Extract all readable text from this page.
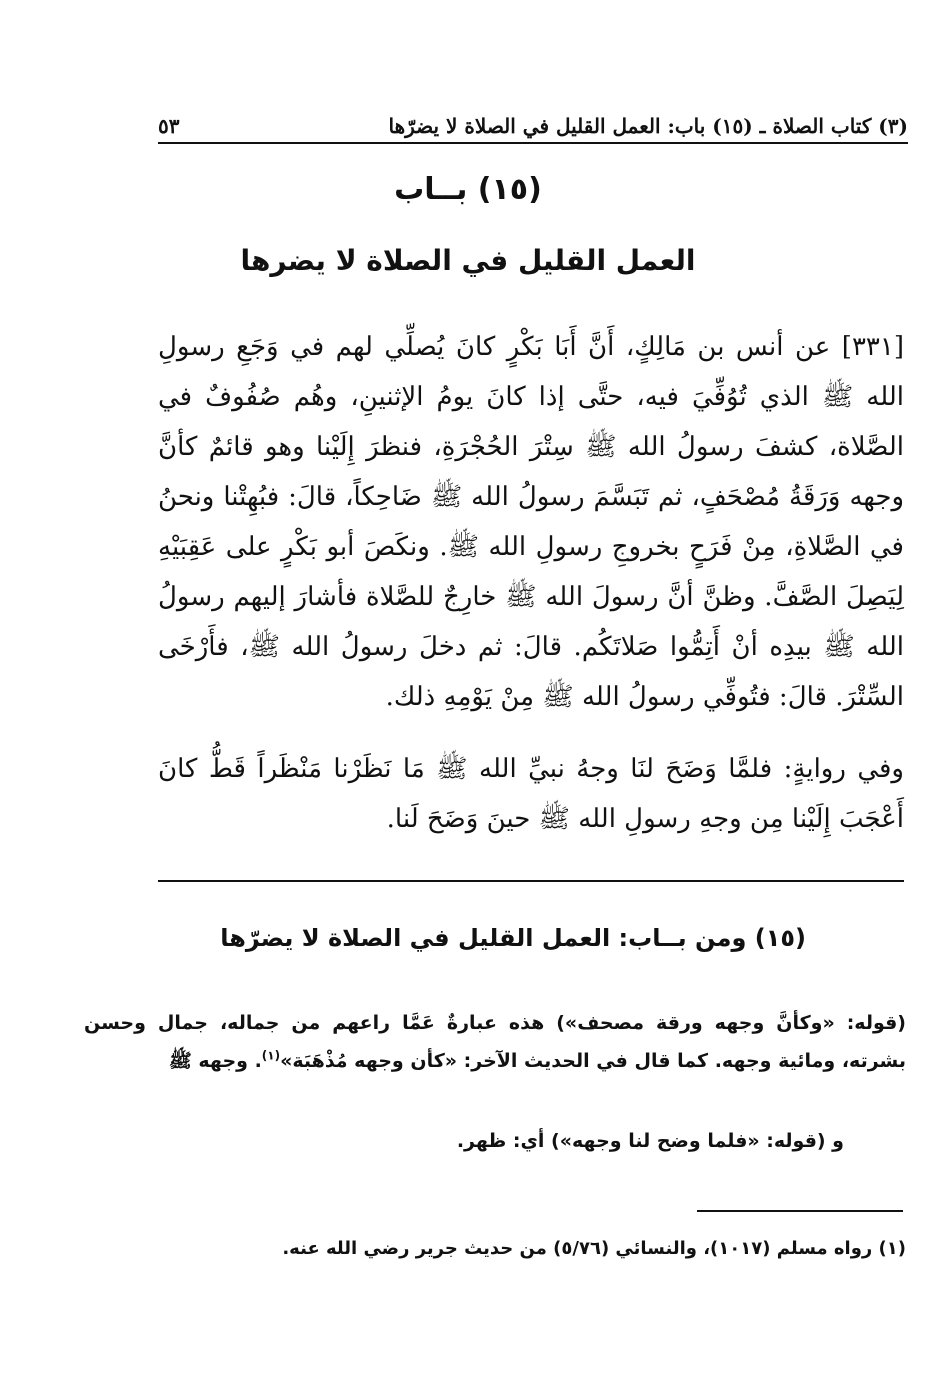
(٣) كتاب الصلاة ـ (١٥) باب: العمل القليل في الصلاة لا يضرّها
٥٣
(١٥) بــاب
العمل القليل في الصلاة لا يضرها

[٣٣١] عن أنس بن مَالِكٍ، أَنَّ أَبَا بَكْرٍ كانَ يُصلِّي لهم في وَجَعِ رسولِ الله ﷺ الذي تُوُفِّيَ فيه، حتَّى إذا كانَ يومُ الإثنينِ، وهُم صُفُوفٌ في الصَّلاة، كشفَ رسولُ الله ﷺ سِتْرَ الحُجْرَةِ، فنظرَ إِلَيْنا وهو قائمٌ كأنَّ وجهه وَرَقَةُ مُصْحَفٍ، ثم تَبَسَّمَ رسولُ الله ﷺ ضَاحِكاً، قالَ: فبُهِتْنا ونحنُ في الصَّلاةِ، مِنْ فَرَحٍ بخروجِ رسولِ الله ﷺ. ونكَصَ أبو بَكْرٍ على عَقِبَيْهِ لِيَصِلَ الصَّفَّ. وظنَّ أنَّ رسولَ الله ﷺ خارِجٌ للصَّلاة فأشارَ إليهم رسولُ الله ﷺ بيدِه أنْ أَتِمُّوا صَلاتَكُم. قالَ: ثم دخلَ رسولُ الله ﷺ، فأَرْخَى السِّتْرَ. قالَ: فتُوفِّي رسولُ الله ﷺ مِنْ يَوْمِهِ ذلك.

وفي روايةٍ: فلمَّا وَضَحَ لنَا وجهُ نبيِّ الله ﷺ مَا نَظَرْنا مَنْظَراً قَطُّ كانَ أَعْجَبَ إِلَيْنا مِن وجهِ رسولِ الله ﷺ حينَ وَضَحَ لَنا.

(١٥) ومن بــاب: العمل القليل في الصلاة لا يضرّها
(قوله: «وكأنَّ وجهه ورقة مصحف») هذه عبارةٌ عَمَّا راعهم من جماله، جمال وحسن بشرته، ومائية وجهه. كما قال في الحديث الآخر: «كأن وجهه مُذْهَبَة»$^{(١)}$. وجهه ﷺ
و (قوله: «فلما وضح لنا وجهه») أي: ظهر.
(١) رواه مسلم (١٠١٧)، والنسائي (٥/٧٦) من حديث جرير رضي الله عنه.
